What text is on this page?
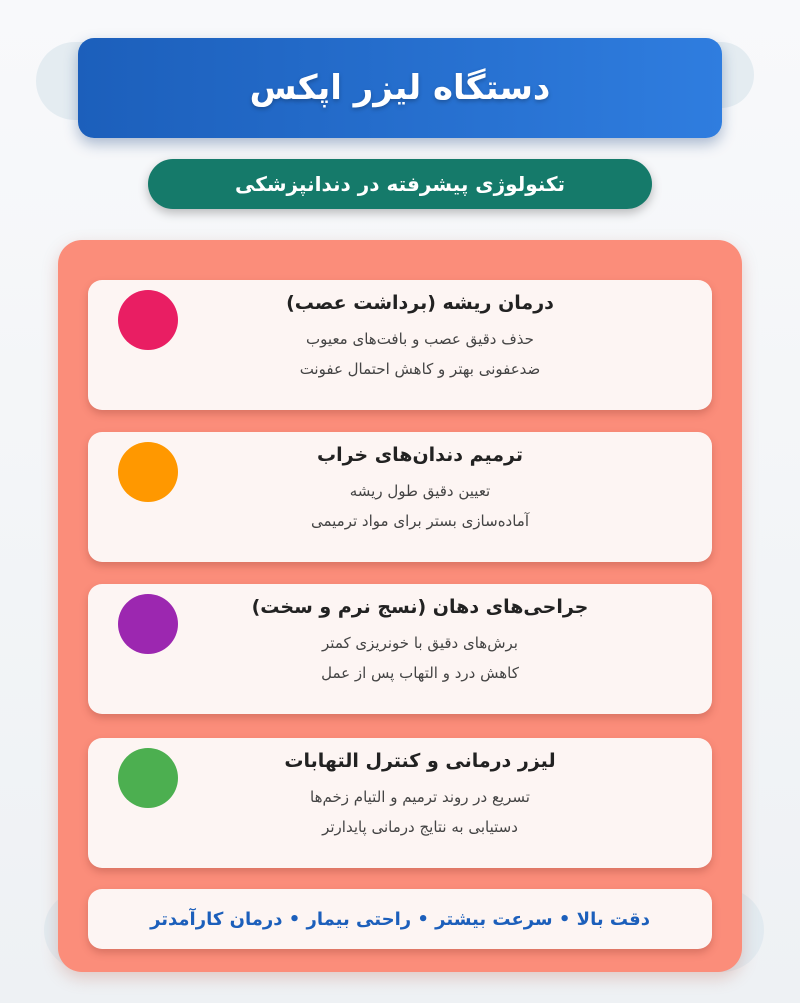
دستگاه لیزر اپکس
تکنولوژی پیشرفته در دندانپزشکی
درمان ریشه (برداشت عصب)
حذف دقیق عصب و بافت‌های معیوب
ضدعفونی بهتر و کاهش احتمال عفونت
ترمیم دندان‌های خراب
تعیین دقیق طول ریشه
آماده‌سازی بستر برای مواد ترمیمی
جراحی‌های دهان (نسج نرم و سخت)
برش‌های دقیق با خونریزی کمتر
کاهش درد و التهاب پس از عمل
لیزر درمانی و کنترل التهابات
تسریع در روند ترمیم و التیام زخم‌ها
دستیابی به نتایج درمانی پایدارتر
دقت بالا • سرعت بیشتر • راحتی بیمار • درمان کارآمدتر
